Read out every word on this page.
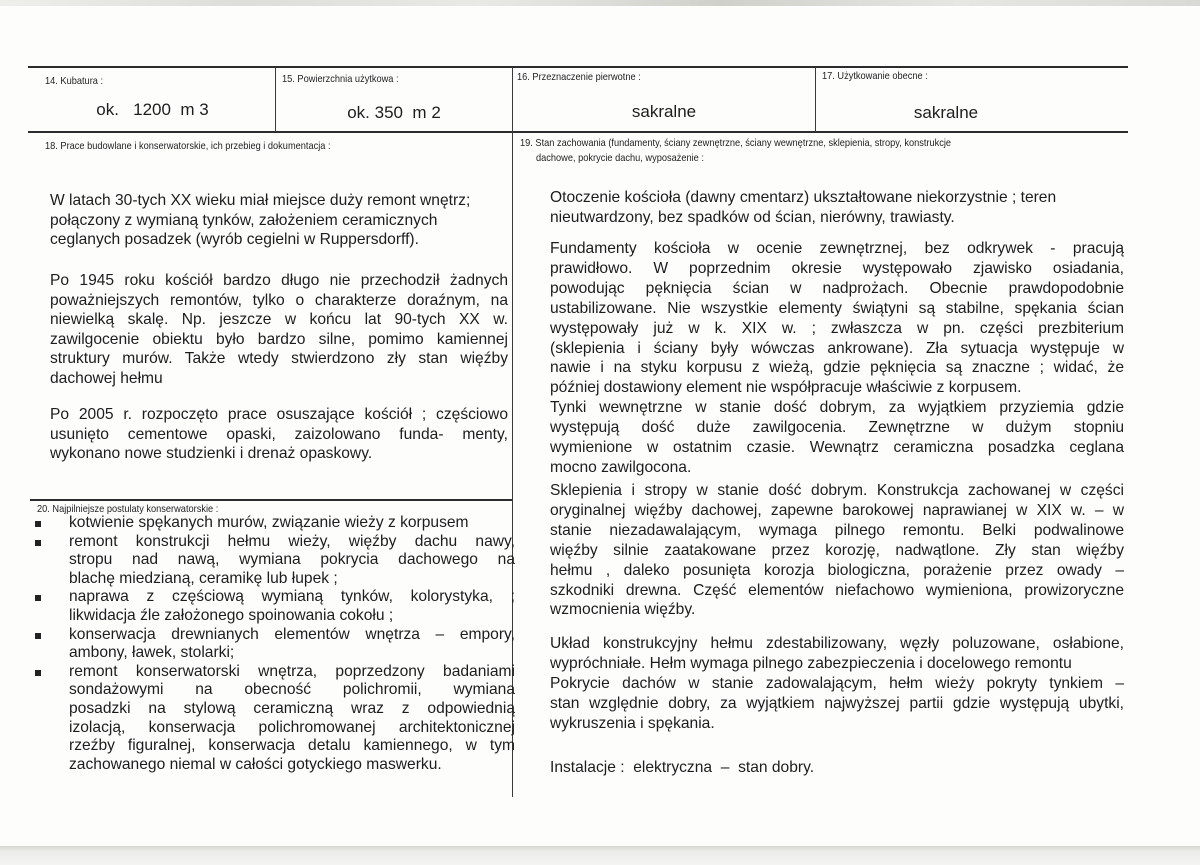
14. Kubatura :
ok.   1200  m 3
15. Powierzchnia użytkowa :
ok. 350  m 2
16. Przeznaczenie pierwotne :
sakralne
17. Użytkowanie obecne :
sakralne
18. Prace budowlane i konserwatorskie, ich przebieg i dokumentacja :
W latach 30-tych XX wieku miał miejsce duży remont wnętrz;
połączony z wymianą tynków, założeniem ceramicznych
ceglanych posadzek (wyrób cegielni w Ruppersdorff).
Po 1945 roku kościół bardzo długo nie przechodził żadnych
poważniejszych remontów, tylko o charakterze doraźnym, na
niewielką skalę. Np. jeszcze w końcu lat 90-tych XX w.
zawilgocenie obiektu było bardzo silne, pomimo kamiennej
struktury murów. Także wtedy stwierdzono zły stan więźby
dachowej hełmu
Po 2005 r. rozpoczęto prace osuszające kościół ; częściowo
usunięto cementowe opaski, zaizolowano funda- menty,
wykonano nowe studzienki i drenaż opaskowy.
20. Najpilniejsze postulaty konserwatorskie :
kotwienie spękanych murów, związanie wieży z korpusem
remont konstrukcji hełmu wieży, więźby dachu nawy,
stropu nad nawą, wymiana pokrycia dachowego na
blachę miedzianą, ceramikę lub łupek ;
naprawa z częściową wymianą tynków, kolorystyka, ;
likwidacja źle założonego spoinowania cokołu ;
konserwacja drewnianych elementów wnętrza – empory,
ambony, ławek, stolarki;
remont konserwatorski wnętrza, poprzedzony badaniami
sondażowymi na obecność polichromii, wymiana
posadzki na stylową ceramiczną wraz z odpowiednią
izolacją, konserwacja polichromowanej architektonicznej
rzeźby figuralnej, konserwacja detalu kamiennego, w tym
zachowanego niemal w całości gotyckiego maswerku.
19. Stan zachowania (fundamenty, ściany zewnętrzne, ściany wewnętrzne, sklepienia, stropy, konstrukcje
dachowe, pokrycie dachu, wyposażenie :
Otoczenie kościoła (dawny cmentarz) ukształtowane niekorzystnie ; teren
nieutwardzony, bez spadków od ścian, nierówny, trawiasty.
Fundamenty kościoła w ocenie zewnętrznej, bez odkrywek - pracują
prawidłowo. W poprzednim okresie występowało zjawisko osiadania,
powodując pęknięcia ścian w nadprożach. Obecnie prawdopodobnie
ustabilizowane. Nie wszystkie elementy świątyni są stabilne, spękania ścian
występowały już w k. XIX w. ; zwłaszcza w pn. części prezbiterium
(sklepienia i ściany były wówczas ankrowane). Zła sytuacja występuje w
nawie i na styku korpusu z wieżą, gdzie pęknięcia są znaczne ; widać, że
później dostawiony element nie współpracuje właściwie z korpusem.
Tynki wewnętrzne w stanie dość dobrym, za wyjątkiem przyziemia gdzie
występują dość duże zawilgocenia. Zewnętrzne w dużym stopniu
wymienione w ostatnim czasie. Wewnątrz ceramiczna posadzka ceglana
mocno zawilgocona.
Sklepienia i stropy w stanie dość dobrym. Konstrukcja zachowanej w części
oryginalnej więźby dachowej, zapewne barokowej naprawianej w XIX w. – w
stanie niezadawalającym, wymaga pilnego remontu. Belki podwalinowe
więźby silnie zaatakowane przez korozję, nadwątlone. Zły stan więźby
hełmu , daleko posunięta korozja biologiczna, porażenie przez owady –
szkodniki drewna. Część elementów niefachowo wymieniona, prowizoryczne
wzmocnienia więźby.
Układ konstrukcyjny hełmu zdestabilizowany, węzły poluzowane, osłabione,
wypróchniałe. Hełm wymaga pilnego zabezpieczenia i docelowego remontu
Pokrycie dachów w stanie zadowalającym, hełm wieży pokryty tynkiem –
stan względnie dobry, za wyjątkiem najwyższej partii gdzie występują ubytki,
wykruszenia i spękania.
Instalacje :  elektryczna  –  stan dobry.
